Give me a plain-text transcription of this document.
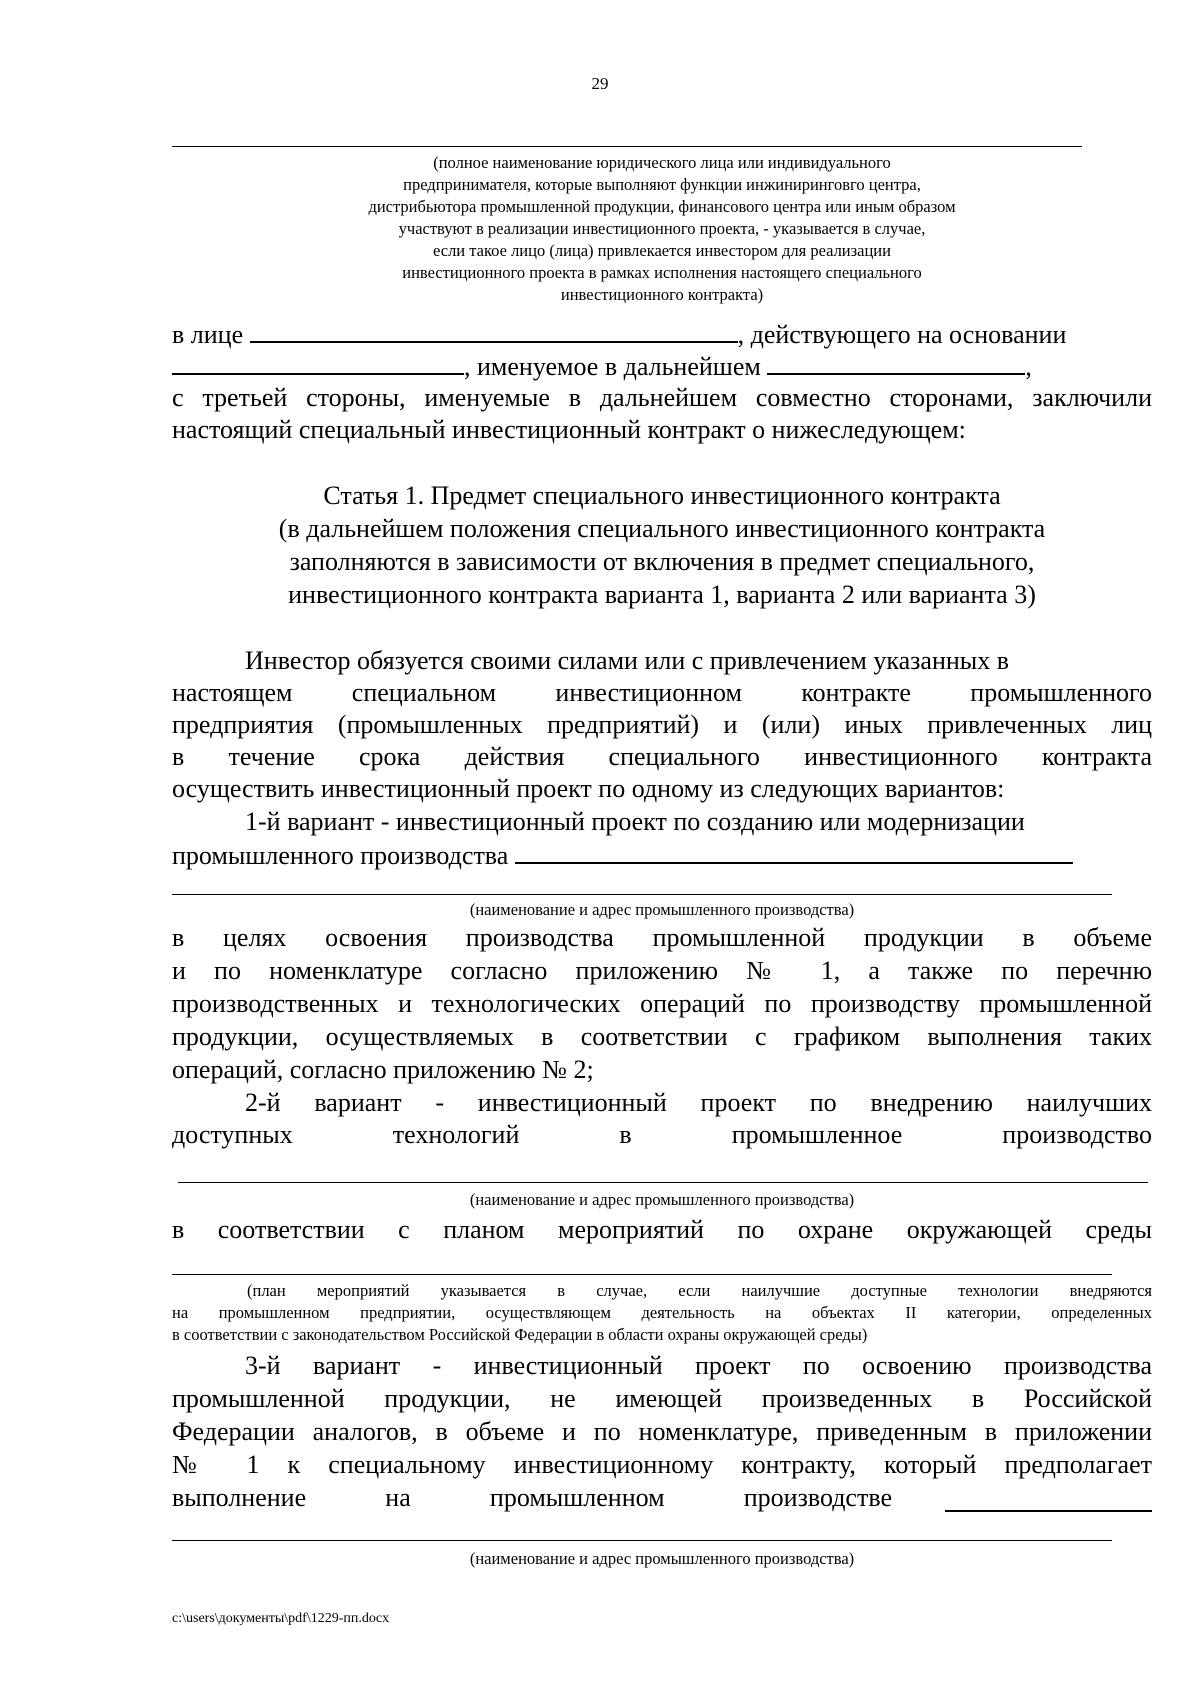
29
(полное наименование юридического лица или индивидуального
предпринимателя, которые выполняют функции инжиниринговго центра,
дистрибьютора промышленной продукции, финансового центра или иным образом
участвуют в реализации инвестиционного проекта, - указывается в случае,
если такое лицо (лица) привлекается инвестором для реализации
инвестиционного проекта в рамках исполнения настоящего специального
инвестиционного контракта)
в лице	, действующего на основании
, именуемое в дальнейшем	,
с третьей стороны, именуемые в дальнейшем совместно сторонами, заключили
настоящий специальный инвестиционный контракт о нижеследующем:
Статья 1. Предмет специального инвестиционного контракта
(в дальнейшем положения специального инвестиционного контракта
заполняются в зависимости от включения в предмет специального,
инвестиционного контракта варианта 1, варианта 2 или варианта 3)
Инвестор обязуется своими силами или с привлечением указанных в
настоящем специальном инвестиционном контракте промышленного
предприятия (промышленных предприятий) и (или) иных привлеченных лиц
в течение срока действия специального инвестиционного контракта
осуществить инвестиционный проект по одному из следующих вариантов:
1-й вариант - инвестиционный проект по созданию или модернизации
промышленного производства
(наименование и адрес промышленного производства)
в целях освоения производства промышленной продукции в объеме
и по номенклатуре согласно приложению № 1, а также по перечню
производственных и технологических операций по производству промышленной
продукции, осуществляемых в соответствии с графиком выполнения таких
операций, согласно приложению № 2;
2-й вариант - инвестиционный проект по внедрению наилучших
доступных технологий в промышленное производство
(наименование и адрес промышленного производства)
в соответствии с планом мероприятий по охране окружающей среды
(план мероприятий указывается в случае, если наилучшие доступные технологии внедряются
на промышленном предприятии, осуществляющем деятельность на объектах II категории, определенных
в соответствии с законодательством Российской Федерации в области охраны окружающей среды)
3-й вариант - инвестиционный проект по освоению производства
промышленной продукции, не имеющей произведенных в Российской
Федерации аналогов, в объеме и по номенклатуре, приведенным в приложении
№ 1 к специальному инвестиционному контракту, который предполагает
выполнение на промышленном производстве
(наименование и адрес промышленного производства)
c:\users\документы\pdf\1229-пп.docx
